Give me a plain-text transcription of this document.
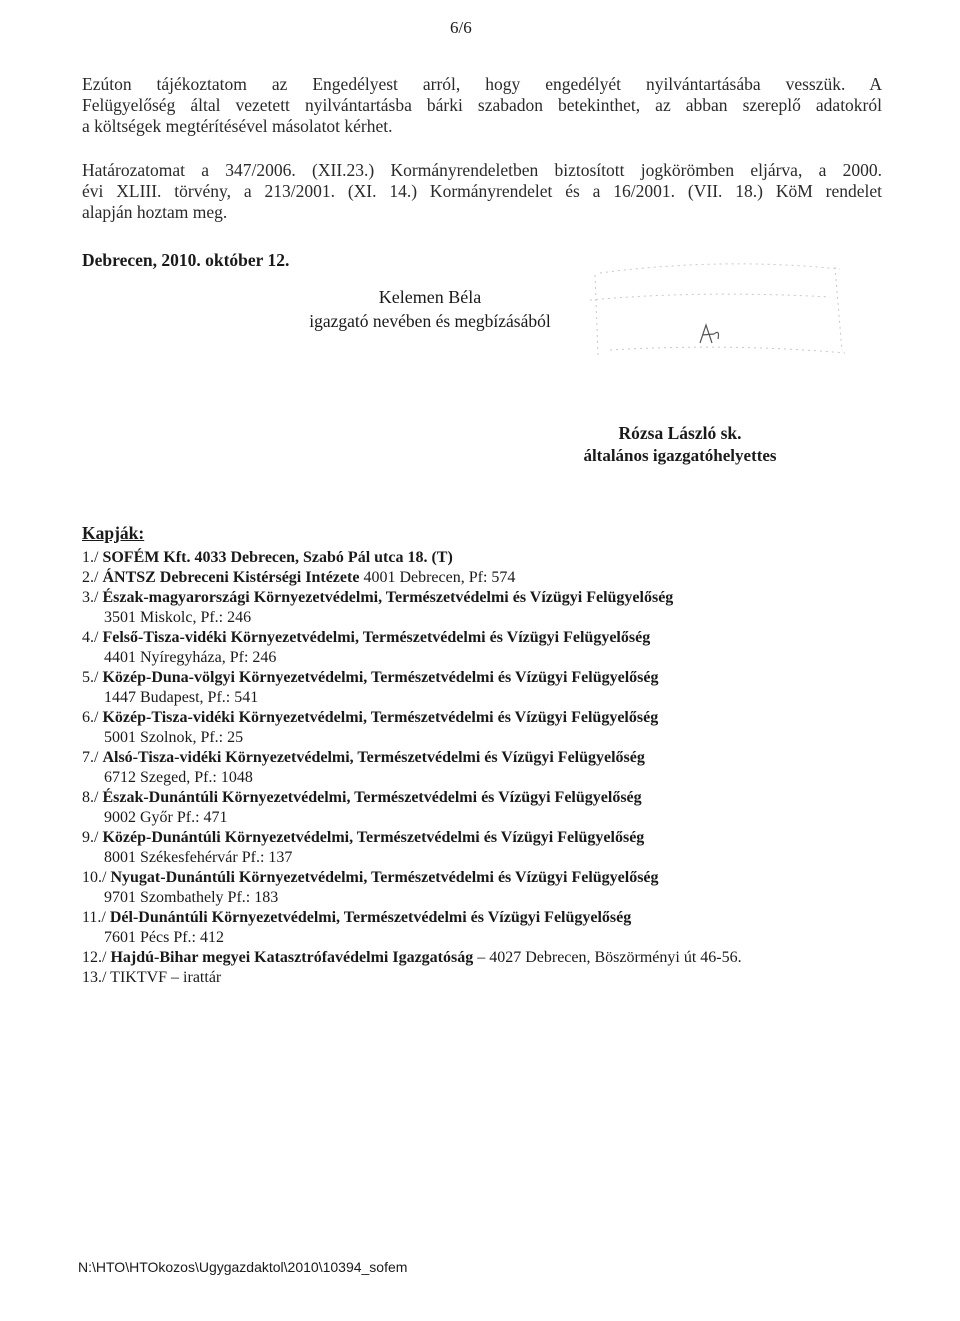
6/6
Ezúton tájékoztatom az Engedélyest arról, hogy engedélyét nyilvántartásába vesszük. A
Felügyelőség által vezetett nyilvántartásba bárki szabadon betekinthet, az abban szereplő adatokról
a költségek megtérítésével másolatot kérhet.
Határozatomat a 347/2006. (XII.23.) Kormányrendeletben biztosított jogkörömben eljárva, a 2000.
évi XLIII. törvény, a 213/2001. (XI. 14.) Kormányrendelet és a 16/2001. (VII. 18.) KöM rendelet
alapján hoztam meg.
Debrecen, 2010. október 12.
Kelemen Béla
igazgató nevében és megbízásából
Rózsa László sk.
általános igazgatóhelyettes
Kapják:
1./ SOFÉM Kft. 4033 Debrecen, Szabó Pál utca 18. (T)
2./ ÁNTSZ Debreceni Kistérségi Intézete 4001 Debrecen, Pf: 574
3./ Észak-magyarországi Környezetvédelmi, Természetvédelmi és Vízügyi Felügyelőség
3501 Miskolc, Pf.: 246
4./ Felső-Tisza-vidéki Környezetvédelmi, Természetvédelmi és Vízügyi Felügyelőség
4401 Nyíregyháza, Pf: 246
5./ Közép-Duna-völgyi Környezetvédelmi, Természetvédelmi és Vízügyi Felügyelőség
1447 Budapest, Pf.: 541
6./ Közép-Tisza-vidéki Környezetvédelmi, Természetvédelmi és Vízügyi Felügyelőség
5001 Szolnok, Pf.: 25
7./ Alsó-Tisza-vidéki Környezetvédelmi, Természetvédelmi és Vízügyi Felügyelőség
6712 Szeged, Pf.: 1048
8./ Észak-Dunántúli Környezetvédelmi, Természetvédelmi és Vízügyi Felügyelőség
9002 Győr Pf.: 471
9./ Közép-Dunántúli Környezetvédelmi, Természetvédelmi és Vízügyi Felügyelőség
8001 Székesfehérvár Pf.: 137
10./ Nyugat-Dunántúli Környezetvédelmi, Természetvédelmi és Vízügyi Felügyelőség
9701 Szombathely Pf.: 183
11./ Dél-Dunántúli Környezetvédelmi, Természetvédelmi és Vízügyi Felügyelőség
7601 Pécs Pf.: 412
12./ Hajdú-Bihar megyei Katasztrófavédelmi Igazgatóság – 4027 Debrecen, Böszörményi út 46-56.
13./ TIKTVF – irattár
N:\HTO\HTOkozos\Ugygazdaktol\2010\10394_sofem
